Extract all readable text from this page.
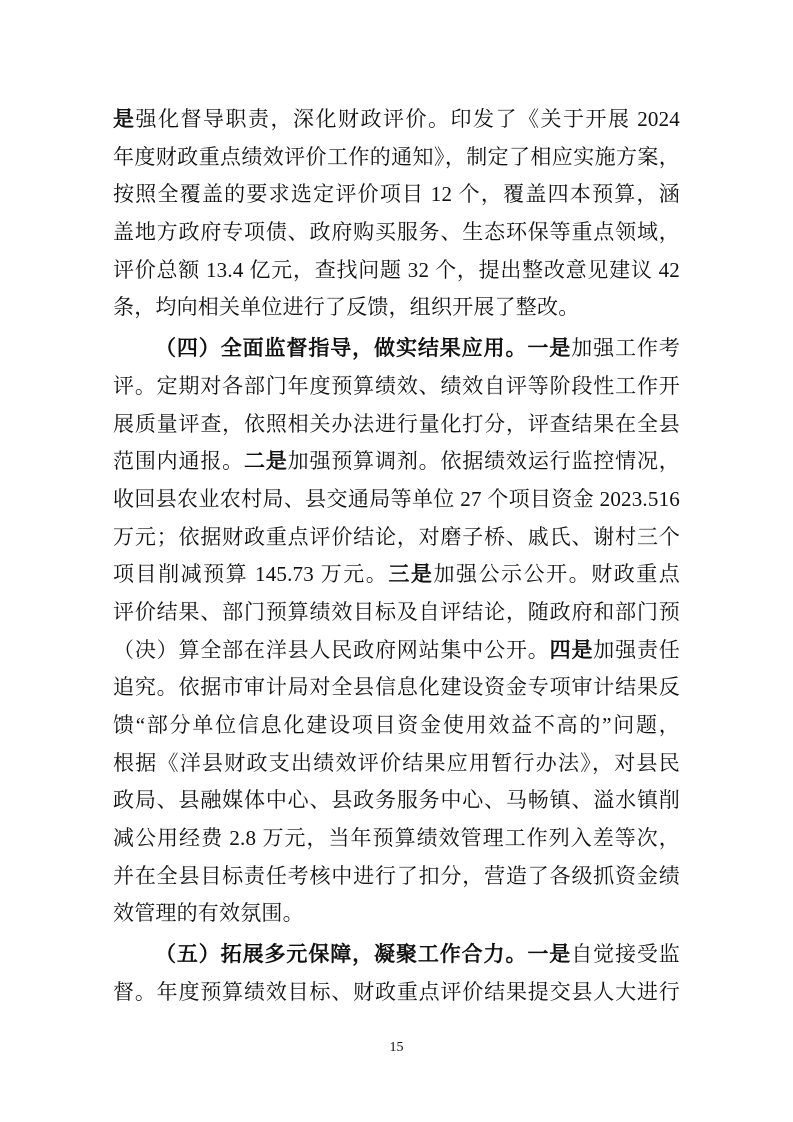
是强化督导职责，深化财政评价。印发了《关于开展 2024
年度财政重点绩效评价工作的通知》，制定了相应实施方案，
按照全覆盖的要求选定评价项目 12 个，覆盖四本预算，涵
盖地方政府专项债、政府购买服务、生态环保等重点领域，
评价总额 13.4 亿元，查找问题 32 个，提出整改意见建议 42
条，均向相关单位进行了反馈，组织开展了整改。
（四）全面监督指导，做实结果应用。一是加强工作考
评。定期对各部门年度预算绩效、绩效自评等阶段性工作开
展质量评查，依照相关办法进行量化打分，评查结果在全县
范围内通报。二是加强预算调剂。依据绩效运行监控情况，
收回县农业农村局、县交通局等单位 27 个项目资金 2023.516
万元；依据财政重点评价结论，对磨子桥、戚氏、谢村三个
项目削减预算 145.73 万元。三是加强公示公开。财政重点
评价结果、部门预算绩效目标及自评结论，随政府和部门预
（决）算全部在洋县人民政府网站集中公开。四是加强责任
追究。依据市审计局对全县信息化建设资金专项审计结果反
馈“部分单位信息化建设项目资金使用效益不高的”问题，
根据《洋县财政支出绩效评价结果应用暂行办法》，对县民
政局、县融媒体中心、县政务服务中心、马畅镇、溢水镇削
减公用经费 2.8 万元，当年预算绩效管理工作列入差等次，
并在全县目标责任考核中进行了扣分，营造了各级抓资金绩
效管理的有效氛围。
（五）拓展多元保障，凝聚工作合力。一是自觉接受监
督。年度预算绩效目标、财政重点评价结果提交县人大进行
15
